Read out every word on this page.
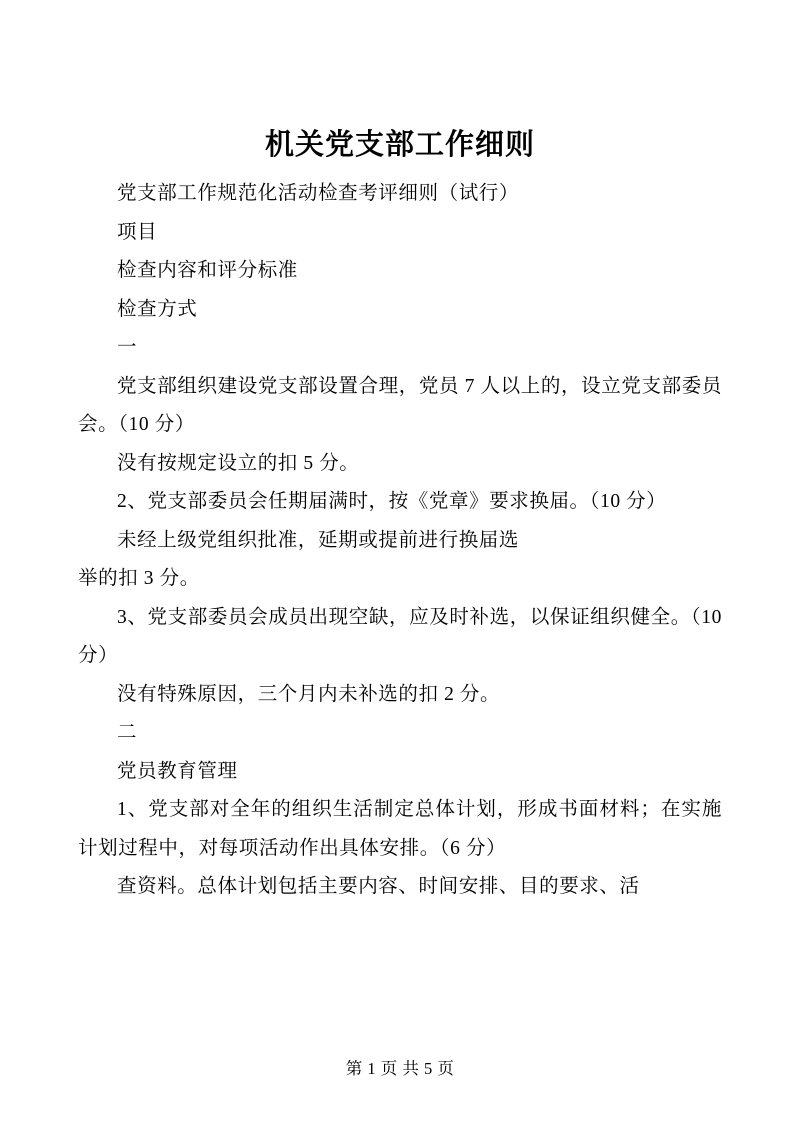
机关党支部工作细则

党支部工作规范化活动检查考评细则（试行）

项目

检查内容和评分标准

检查方式

一

党支部组织建设党支部设置合理，党员 7 人以上的，设立党支部委员会。（10 分）

没有按规定设立的扣 5 分。

2、党支部委员会任期届满时，按《党章》要求换届。（10 分）

未经上级党组织批准，延期或提前进行换届选

举的扣 3 分。

3、党支部委员会成员出现空缺，应及时补选，以保证组织健全。（10 分）

没有特殊原因，三个月内未补选的扣 2 分。

二

党员教育管理

1、党支部对全年的组织生活制定总体计划，形成书面材料；在实施计划过程中，对每项活动作出具体安排。（6 分）

查资料。总体计划包括主要内容、时间安排、目的要求、活

第 1 页 共 5 页
